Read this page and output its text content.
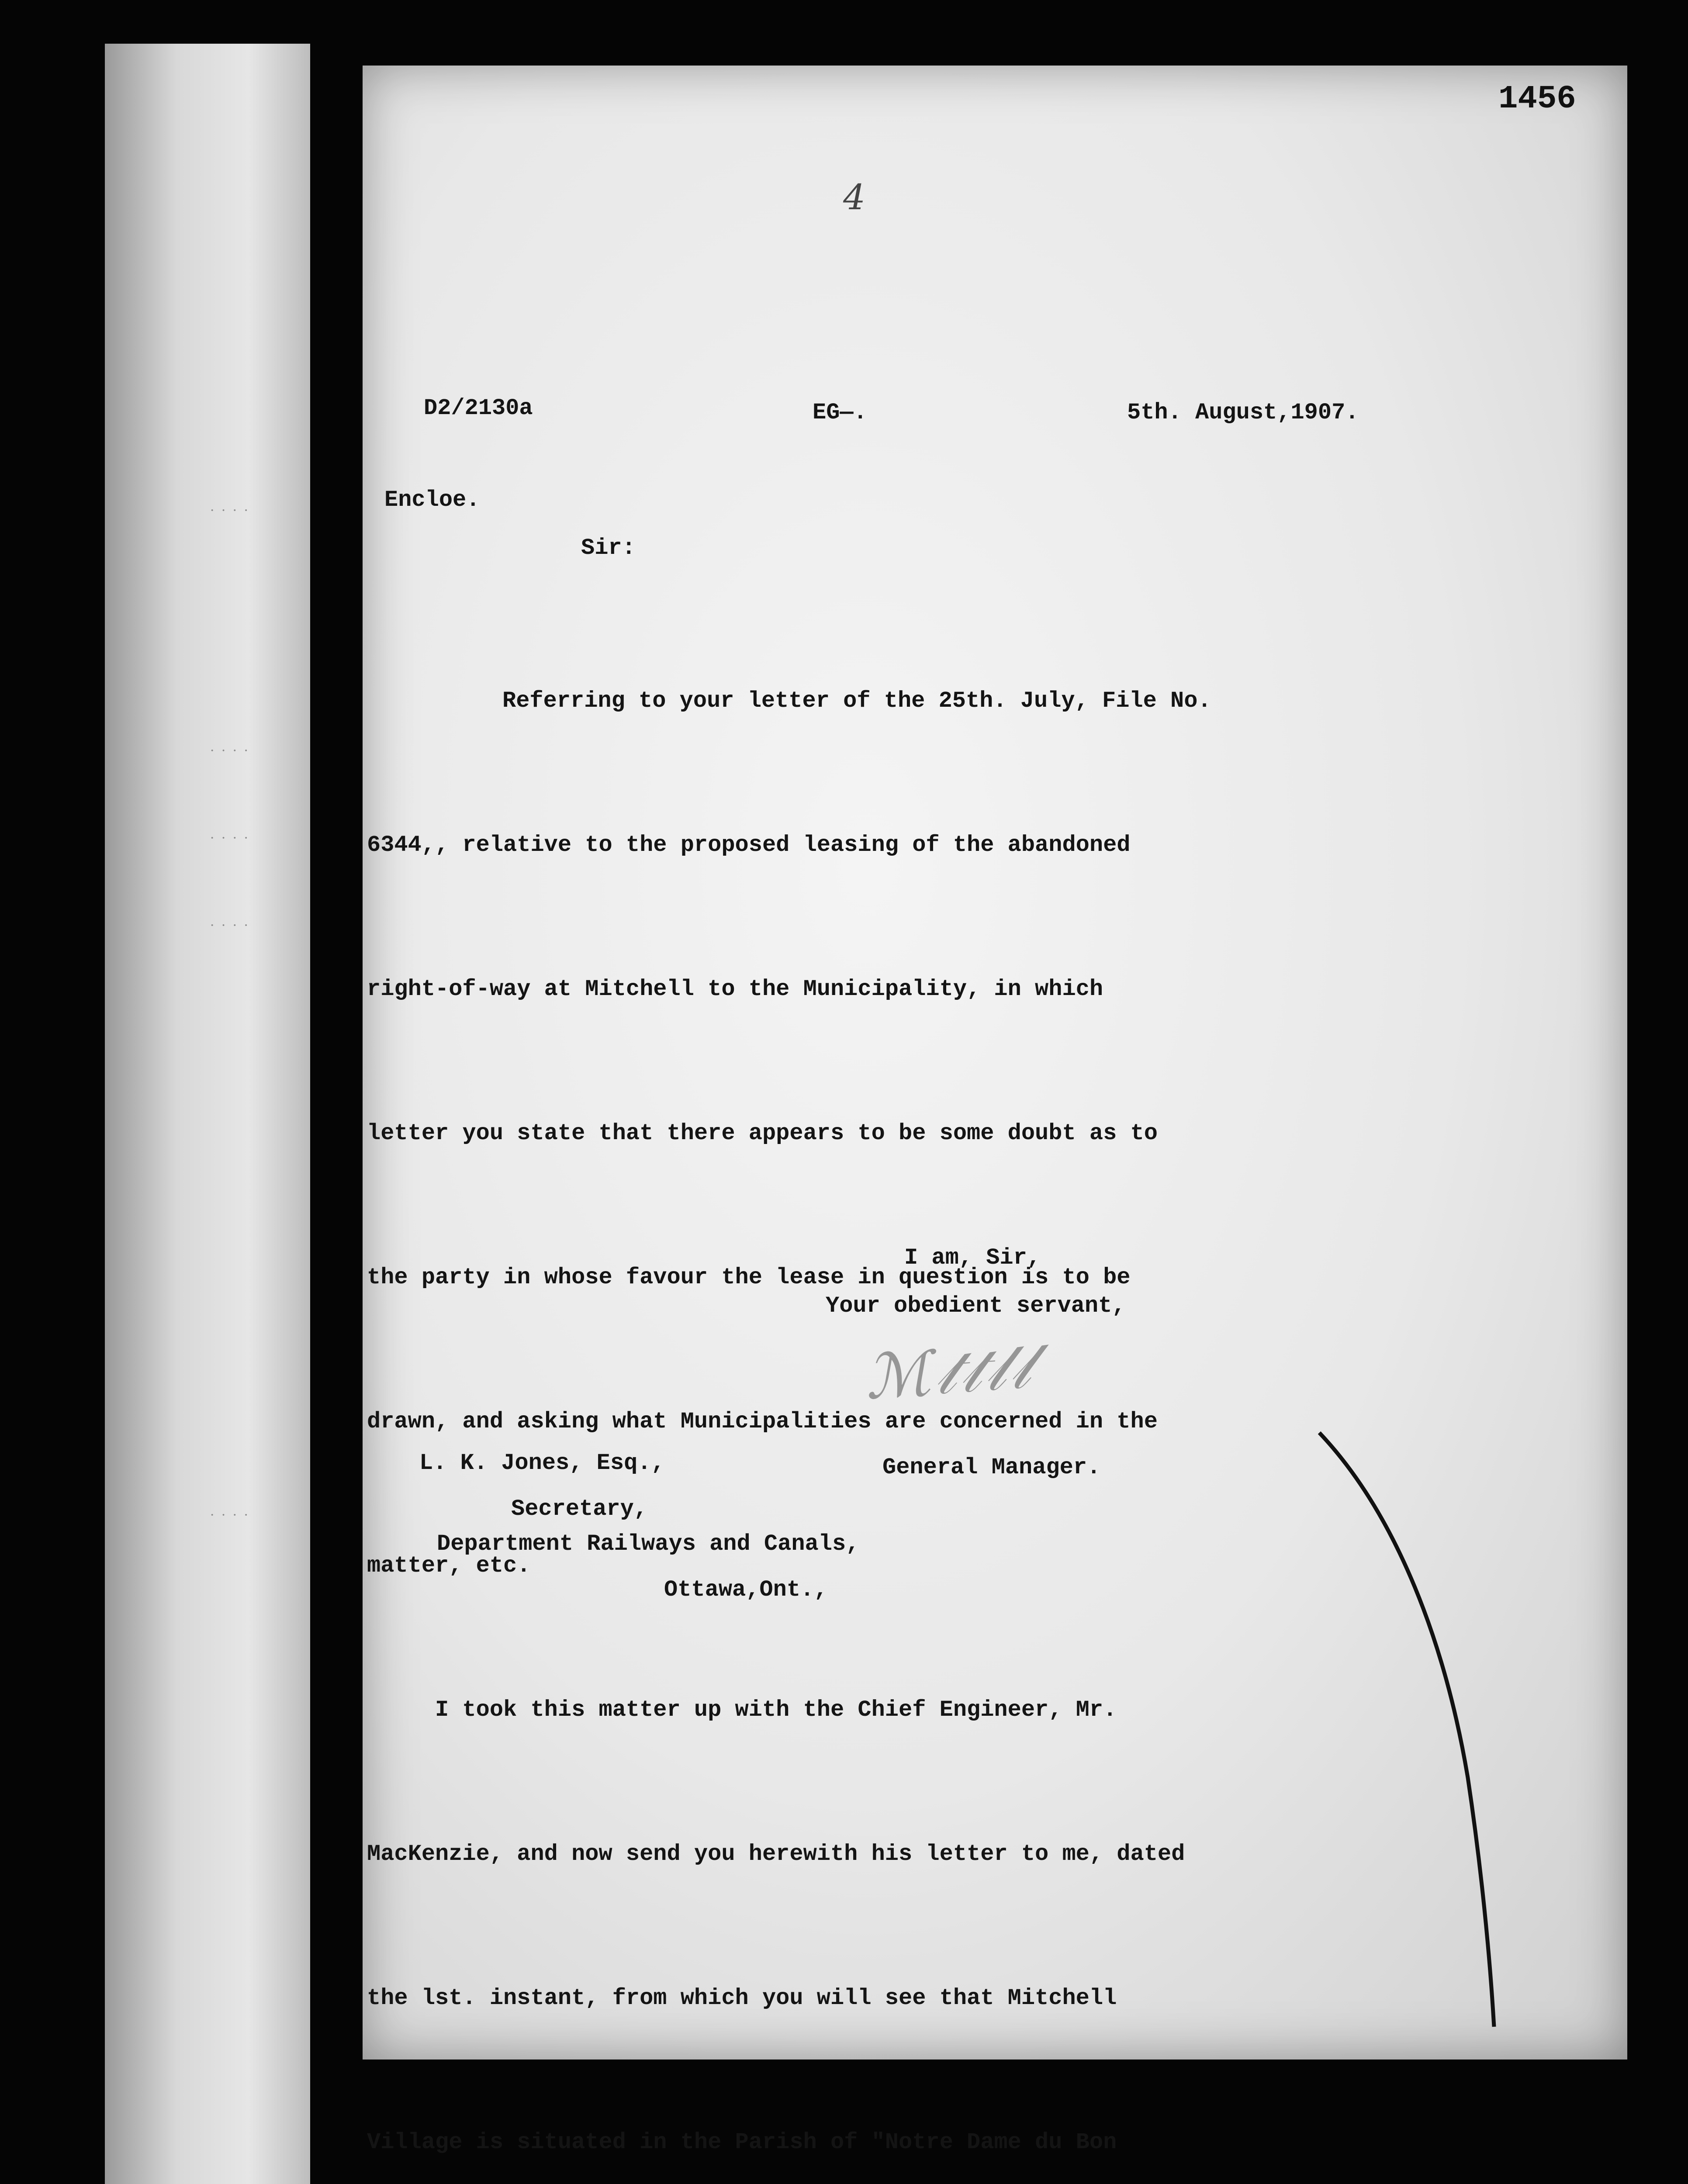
· · · ·
· · · ·
· · · ·
· · · ·
· · · ·
1456
4
D2/2130a	EG—.	5th. August,1907.
Encloe.
Sir:

Referring to your letter of the 25th. July, File No.

6344,, relative to the proposed leasing of the abandoned

right-of-way at Mitchell to the Municipality, in which

letter you state that there appears to be some doubt as to

the party in whose favour the lease in question is to be

drawn, and asking what Municipalities are concerned in the

matter, etc.

I took this matter up with the Chief Engineer, Mr.

MacKenzie, and now send you herewith his letter to me, dated

the lst. instant, from which you will see that Mitchell

Village is situated in the Parish of "Notre Dame du Bon

I am, Sir,
Your obedient servant,
ℳ𝓉𝓉𝓁𝓁
General Manager.
L. K. Jones, Esq.,
Secretary,
Department Railways and Canals,
Ottawa,Ont.,
